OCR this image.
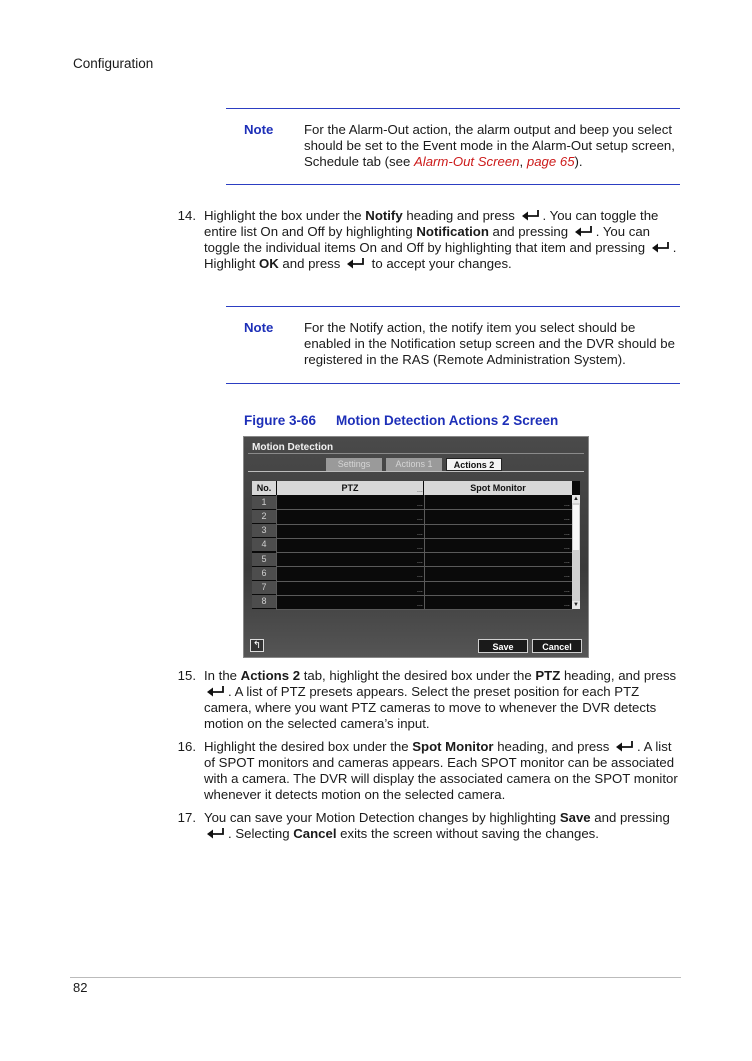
Configuration
Note For the Alarm-Out action, the alarm output and beep you select should be set to the Event mode in the Alarm-Out setup screen, Schedule tab (see Alarm-Out Screen, page 65).
14. Highlight the box under the Notify heading and press . You can toggle the entire list On and Off by highlighting Notification and pressing . You can toggle the individual items On and Off by highlighting that item and pressing . Highlight OK and press  to accept your changes.
Note For the Notify action, the notify item you select should be enabled in the Notification setup screen and the DVR should be registered in the RAS (Remote Administration System).
Figure 3-66 Motion Detection Actions 2 Screen
Motion Detection
Settings	Actions 1	Actions 2
No.	PTZ	Spot Monitor
...
1	...	...
2	...	...
3	...	...
4	...	...
5	...	...
6	...	...
7	...	...
8	...	...
▲
▼
↰	Save	Cancel
15. In the Actions 2 tab, highlight the desired box under the PTZ heading, and press . A list of PTZ presets appears. Select the preset position for each PTZ camera, where you want PTZ cameras to move to whenever the DVR detects motion on the selected camera’s input.
16. Highlight the desired box under the Spot Monitor heading, and press . A list of SPOT monitors and cameras appears. Each SPOT monitor can be associated with a camera. The DVR will display the associated camera on the SPOT monitor whenever it detects motion on the selected camera.
17. You can save your Motion Detection changes by highlighting Save and pressing . Selecting Cancel exits the screen without saving the changes.
82
